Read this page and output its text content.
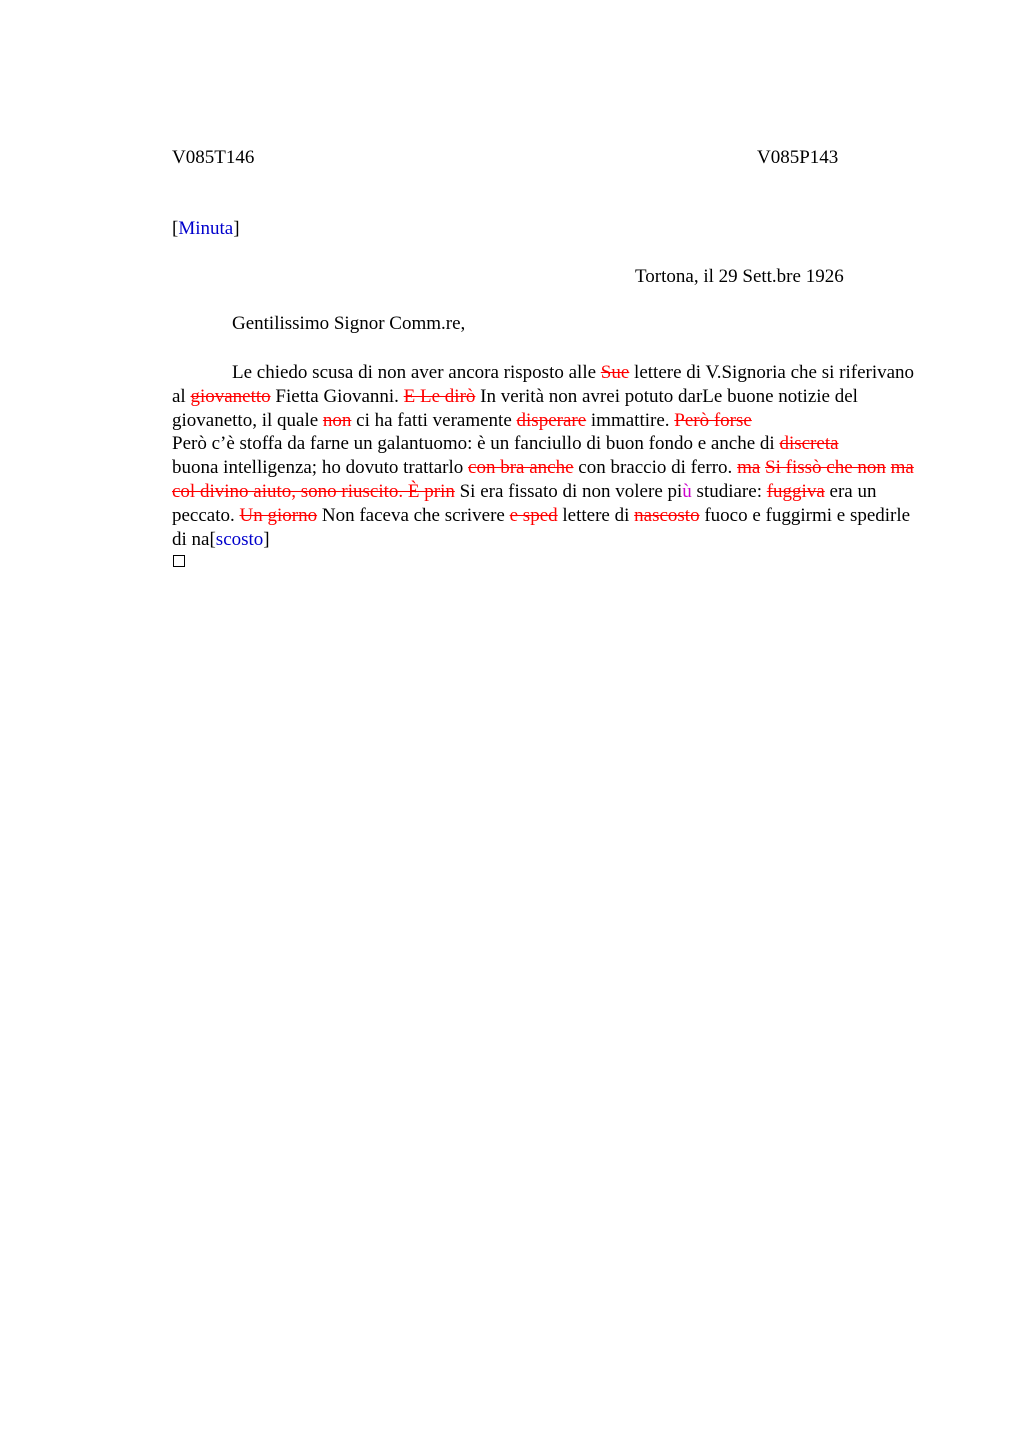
V085T146	V085P143
[Minuta]
Tortona, il 29 Sett.bre 1926
Gentilissimo Signor Comm.re,
Le chiedo scusa di non aver ancora risposto alle Sue lettere di V.Signoria che si riferivano al giovanetto Fietta Giovanni. E Le dirò In verità non avrei potuto darLe buone notizie del giovanetto, il quale non ci ha fatti veramente disperare immattire. Però forse
Però c’è stoffa da farne un galantuomo: è un fanciullo di buon fondo e anche di discreta
buona intelligenza; ho dovuto trattarlo con bra anche con braccio di ferro. ma Si fissò che non ma col divino aiuto, sono riuscito. È prin Si era fissato di non volere più studiare: fuggiva era un peccato. Un giorno Non faceva che scrivere e sped lettere di nascosto fuoco e fuggirmi e spedirle di na[scosto]
